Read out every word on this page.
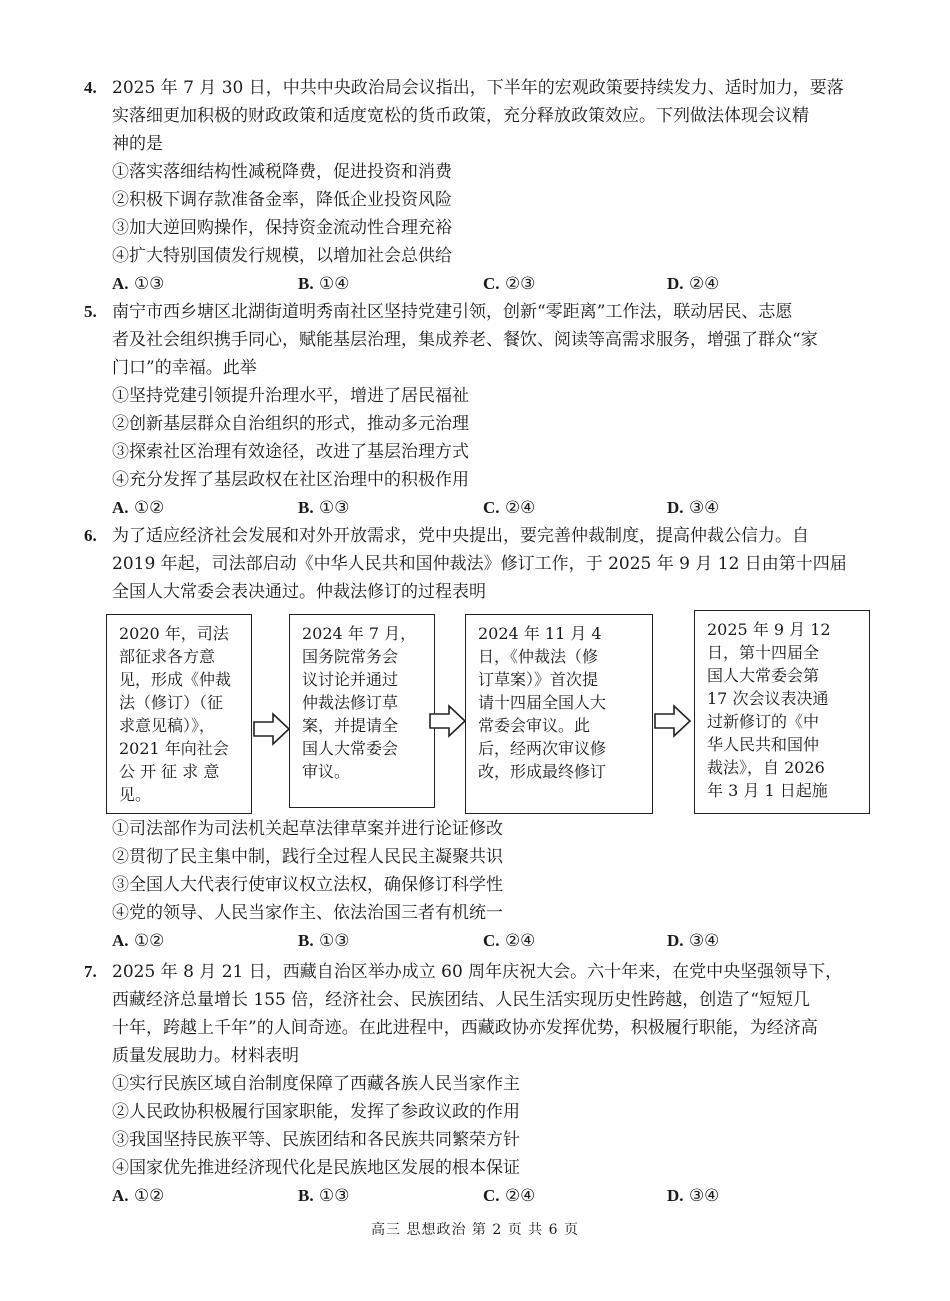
4. 2025 年 7 月 30 日，中共中央政治局会议指出，下半年的宏观政策要持续发力、适时加力，要落
实落细更加积极的财政政策和适度宽松的货币政策，充分释放政策效应。下列做法体现会议精
神的是
①落实落细结构性减税降费，促进投资和消费
②积极下调存款准备金率，降低企业投资风险
③加大逆回购操作，保持资金流动性合理充裕
④扩大特别国债发行规模，以增加社会总供给
A. ①③	B. ①④	C. ②③	D. ②④
5. 南宁市西乡塘区北湖街道明秀南社区坚持党建引领，创新“零距离”工作法，联动居民、志愿
者及社会组织携手同心，赋能基层治理，集成养老、餐饮、阅读等高需求服务，增强了群众“家
门口”的幸福。此举
①坚持党建引领提升治理水平，增进了居民福祉
②创新基层群众自治组织的形式，推动多元治理
③探索社区治理有效途径，改进了基层治理方式
④充分发挥了基层政权在社区治理中的积极作用
A. ①②	B. ①③	C. ②④	D. ③④
6. 为了适应经济社会发展和对外开放需求，党中央提出，要完善仲裁制度，提高仲裁公信力。自
2019 年起，司法部启动《中华人民共和国仲裁法》修订工作，于 2025 年 9 月 12 日由第十四届
全国人大常委会表决通过。仲裁法修订的过程表明
2020 年，司法
部征求各方意
见，形成《仲裁
法（修订）（征
求意见稿）》，
2021 年向社会
公 开 征 求 意
见。
2024 年 7 月，
国务院常务会
议讨论并通过
仲裁法修订草
案，并提请全
国人大常委会
审议。
2024 年 11 月 4
日，《仲裁法（修
订草案）》首次提
请十四届全国人大
常委会审议。此
后，经两次审议修
改，形成最终修订
2025 年 9 月 12
日，第十四届全
国人大常委会第
17 次会议表决通
过新修订的《中
华人民共和国仲
裁法》，自 2026
年 3 月 1 日起施
①司法部作为司法机关起草法律草案并进行论证修改
②贯彻了民主集中制，践行全过程人民民主凝聚共识
③全国人大代表行使审议权立法权，确保修订科学性
④党的领导、人民当家作主、依法治国三者有机统一
A. ①②	B. ①③	C. ②④	D. ③④
7. 2025 年 8 月 21 日，西藏自治区举办成立 60 周年庆祝大会。六十年来，在党中央坚强领导下，
西藏经济总量增长 155 倍，经济社会、民族团结、人民生活实现历史性跨越，创造了“短短几
十年，跨越上千年”的人间奇迹。在此进程中，西藏政协亦发挥优势，积极履行职能，为经济高
质量发展助力。材料表明
①实行民族区域自治制度保障了西藏各族人民当家作主
②人民政协积极履行国家职能，发挥了参政议政的作用
③我国坚持民族平等、民族团结和各民族共同繁荣方针
④国家优先推进经济现代化是民族地区发展的根本保证
A. ①②	B. ①③	C. ②④	D. ③④
高三 思想政治 第 2 页 共 6 页
